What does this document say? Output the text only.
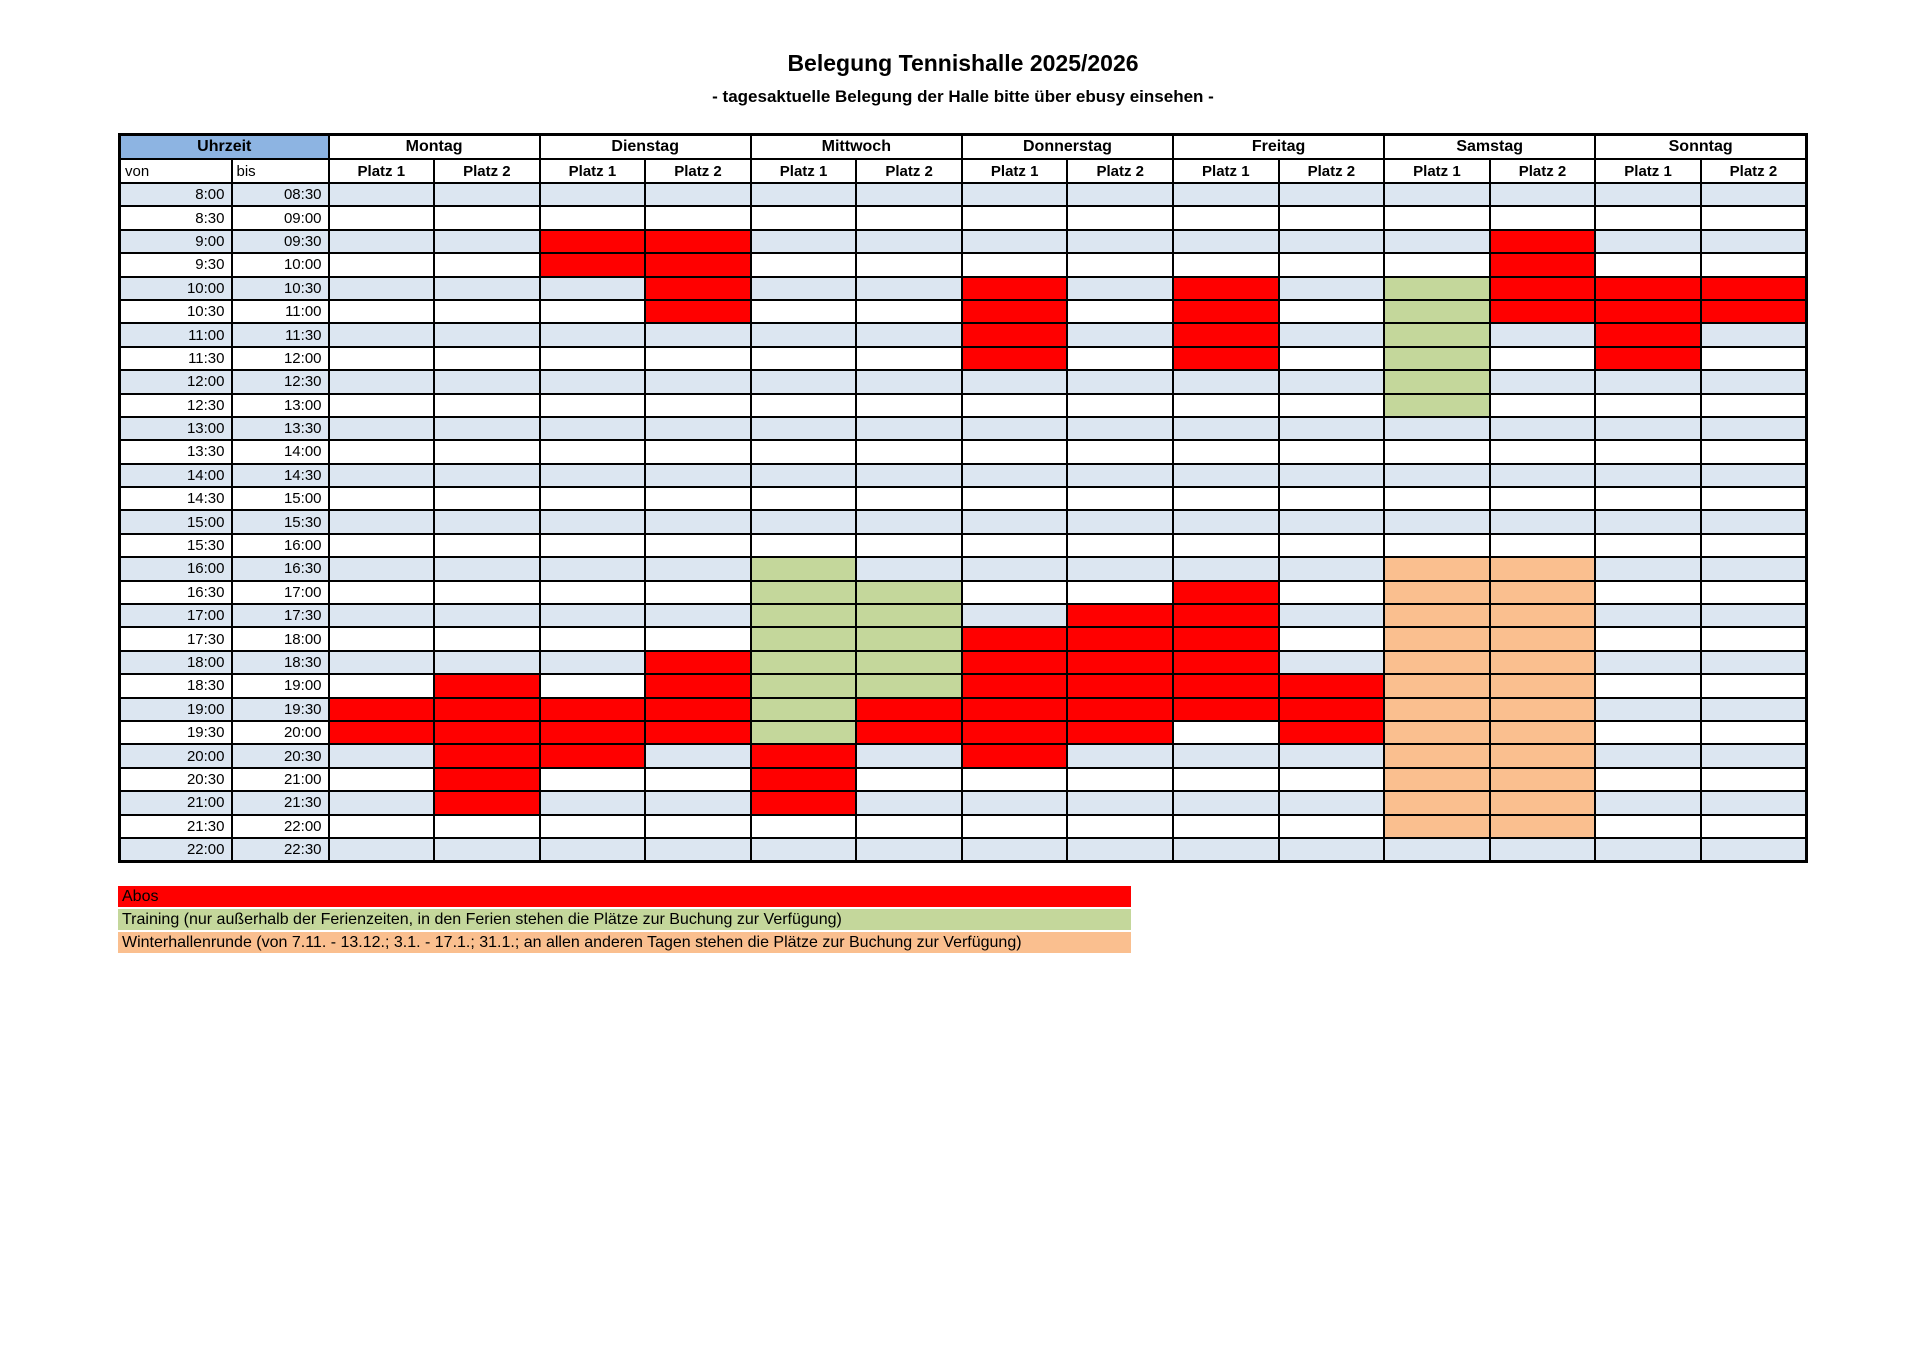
Belegung Tennishalle 2025/2026
- tagesaktuelle Belegung der Halle bitte über ebusy einsehen -
Uhrzeit		Montag		Dienstag		Mittwoch		Donnerstag		Freitag		Samstag		Sonntag	
von	bis	Platz 1	Platz 2	Platz 1	Platz 2	Platz 1	Platz 2	Platz 1	Platz 2	Platz 1	Platz 2	Platz 1	Platz 2	Platz 1	Platz 2
8:00	08:30														
8:30	09:00														
9:00	09:30														
9:30	10:00														
10:00	10:30														
10:30	11:00														
11:00	11:30														
11:30	12:00														
12:00	12:30														
12:30	13:00														
13:00	13:30														
13:30	14:00														
14:00	14:30														
14:30	15:00														
15:00	15:30														
15:30	16:00														
16:00	16:30														
16:30	17:00														
17:00	17:30														
17:30	18:00														
18:00	18:30														
18:30	19:00														
19:00	19:30														
19:30	20:00														
20:00	20:30														
20:30	21:00														
21:00	21:30														
21:30	22:00														
22:00	22:30														
Abos
Training (nur außerhalb der Ferienzeiten, in den Ferien stehen die Plätze zur Buchung zur Verfügung)
Winterhallenrunde (von 7.11. - 13.12.; 3.1. - 17.1.; 31.1.; an allen anderen Tagen stehen die Plätze zur Buchung zur Verfügung)
